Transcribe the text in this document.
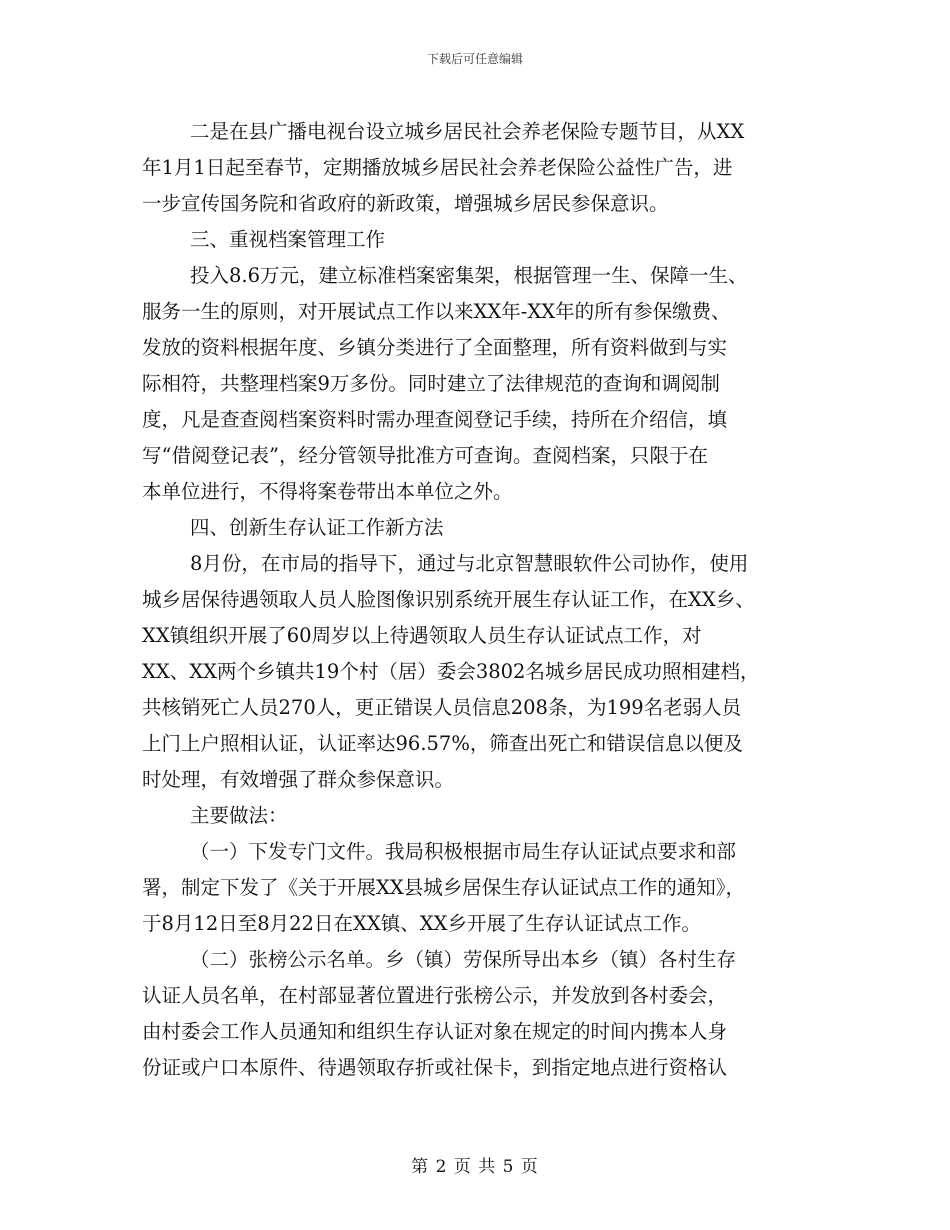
下载后可任意编辑
二是在县广播电视台设立城乡居民社会养老保险专题节目，从XX
年1月1日起至春节，定期播放城乡居民社会养老保险公益性广告，进
一步宣传国务院和省政府的新政策，增强城乡居民参保意识。
三、重视档案管理工作
投入8.6万元，建立标准档案密集架，根据管理一生、保障一生、
服务一生的原则，对开展试点工作以来XX年-XX年的所有参保缴费、
发放的资料根据年度、乡镇分类进行了全面整理，所有资料做到与实
际相符，共整理档案9万多份。同时建立了法律规范的查询和调阅制
度，凡是查查阅档案资料时需办理查阅登记手续，持所在介绍信，填
写“借阅登记表”，经分管领导批准方可查询。查阅档案，只限于在
本单位进行，不得将案卷带出本单位之外。
四、创新生存认证工作新方法
8月份，在市局的指导下，通过与北京智慧眼软件公司协作，使用
城乡居保待遇领取人员人脸图像识别系统开展生存认证工作，在XX乡、
XX镇组织开展了60周岁以上待遇领取人员生存认证试点工作，对
XX、XX两个乡镇共19个村（居）委会3802名城乡居民成功照相建档，
共核销死亡人员270人，更正错误人员信息208条，为199名老弱人员
上门上户照相认证，认证率达96.57%，筛查出死亡和错误信息以便及
时处理，有效增强了群众参保意识。
主要做法：
（一）下发专门文件。我局积极根据市局生存认证试点要求和部
署，制定下发了《关于开展XX县城乡居保生存认证试点工作的通知》，
于8月12日至8月22日在XX镇、XX乡开展了生存认证试点工作。
（二）张榜公示名单。乡（镇）劳保所导出本乡（镇）各村生存
认证人员名单，在村部显著位置进行张榜公示，并发放到各村委会，
由村委会工作人员通知和组织生存认证对象在规定的时间内携本人身
份证或户口本原件、待遇领取存折或社保卡，到指定地点进行资格认
第 2 页 共 5 页
